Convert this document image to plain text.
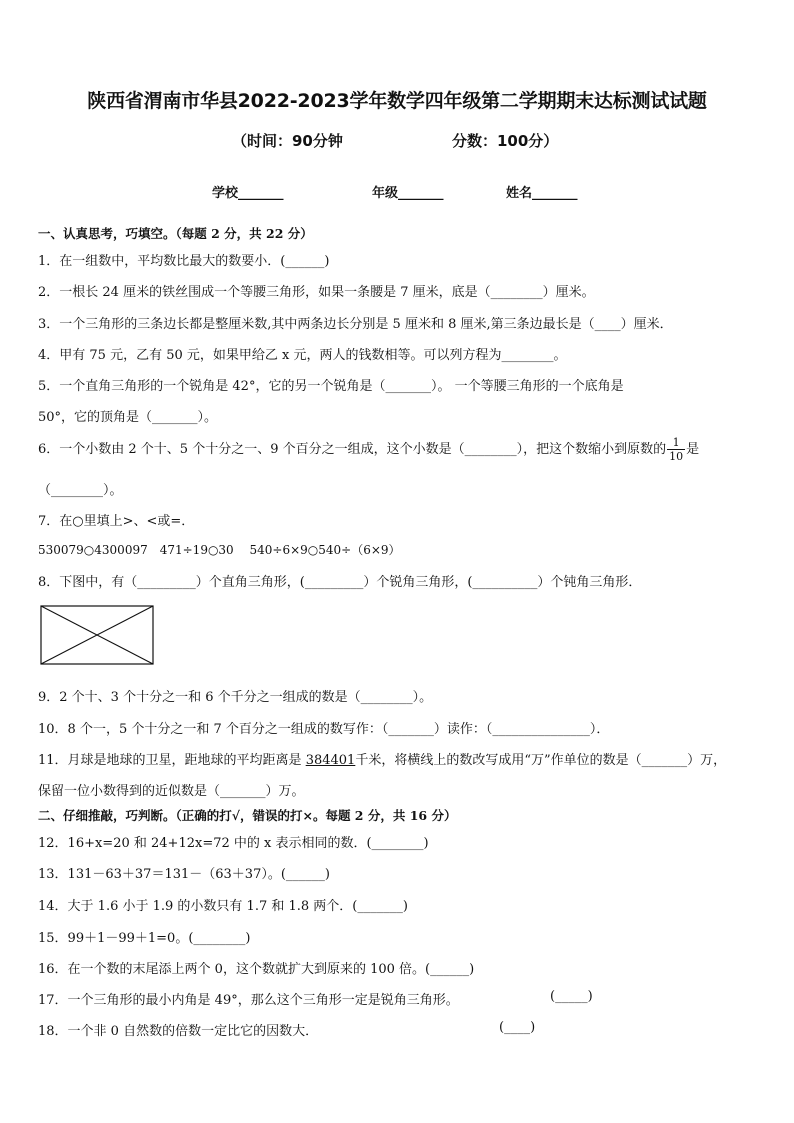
陕西省渭南市华县2022-2023学年数学四年级第二学期期末达标测试试题
（时间：90分钟	分数：100分）
学校_______	年级_______	姓名_______
一、认真思考，巧填空。（每题 2 分，共 22 分）
1．在一组数中，平均数比最大的数要小．(______)
2．一根长 24 厘米的铁丝围成一个等腰三角形，如果一条腰是 7 厘米，底是（________）厘米。
3．一个三角形的三条边长都是整厘米数,其中两条边长分别是 5 厘米和 8 厘米,第三条边最长是（____）厘米．
4．甲有 75 元，乙有 50 元，如果甲给乙 x 元，两人的钱数相等。可以列方程为________。
5．一个直角三角形的一个锐角是 42°，它的另一个锐角是（_______）。 一个等腰三角形的一个底角是
50°，它的顶角是（_______）。
6．一个小数由 2 个十、5 个十分之一、9 个百分之一组成，这个小数是（________），把这个数缩小到原数的 $\frac{1}{10}$ 是
（________）。
7．在○里填上>、<或=．
530079○4300097　471÷19○30　 540÷6×9○540÷（6×9）
8．下图中，有（_________）个直角三角形，(_________）个锐角三角形，(__________）个钝角三角形．
9．2 个十、3 个十分之一和 6 个千分之一组成的数是（________）。
10．8 个一，5 个十分之一和 7 个百分之一组成的数写作：（_______）读作：（_______________）．
11．月球是地球的卫星，距地球的平均距离是 384401千米，将横线上的数改写成用“万”作单位的数是（_______）万，
保留一位小数得到的近似数是（_______）万。
二、仔细推敲，巧判断。（正确的打√，错误的打×。每题 2 分，共 16 分）
12．16+x=20 和 24+12x=72 中的 x 表示相同的数．(________)
13．131－63＋37＝131－（63＋37）。(______)
14．大于 1.6 小于 1.9 的小数只有 1.7 和 1.8 两个．(_______)
15．99＋1－99＋1=0。(________)
16．在一个数的末尾添上两个 0，这个数就扩大到原来的 100 倍。(______)
17．一个三角形的最小内角是 49°，那么这个三角形一定是锐角三角形。	(_____)
18．一个非 0 自然数的倍数一定比它的因数大．	(____)
